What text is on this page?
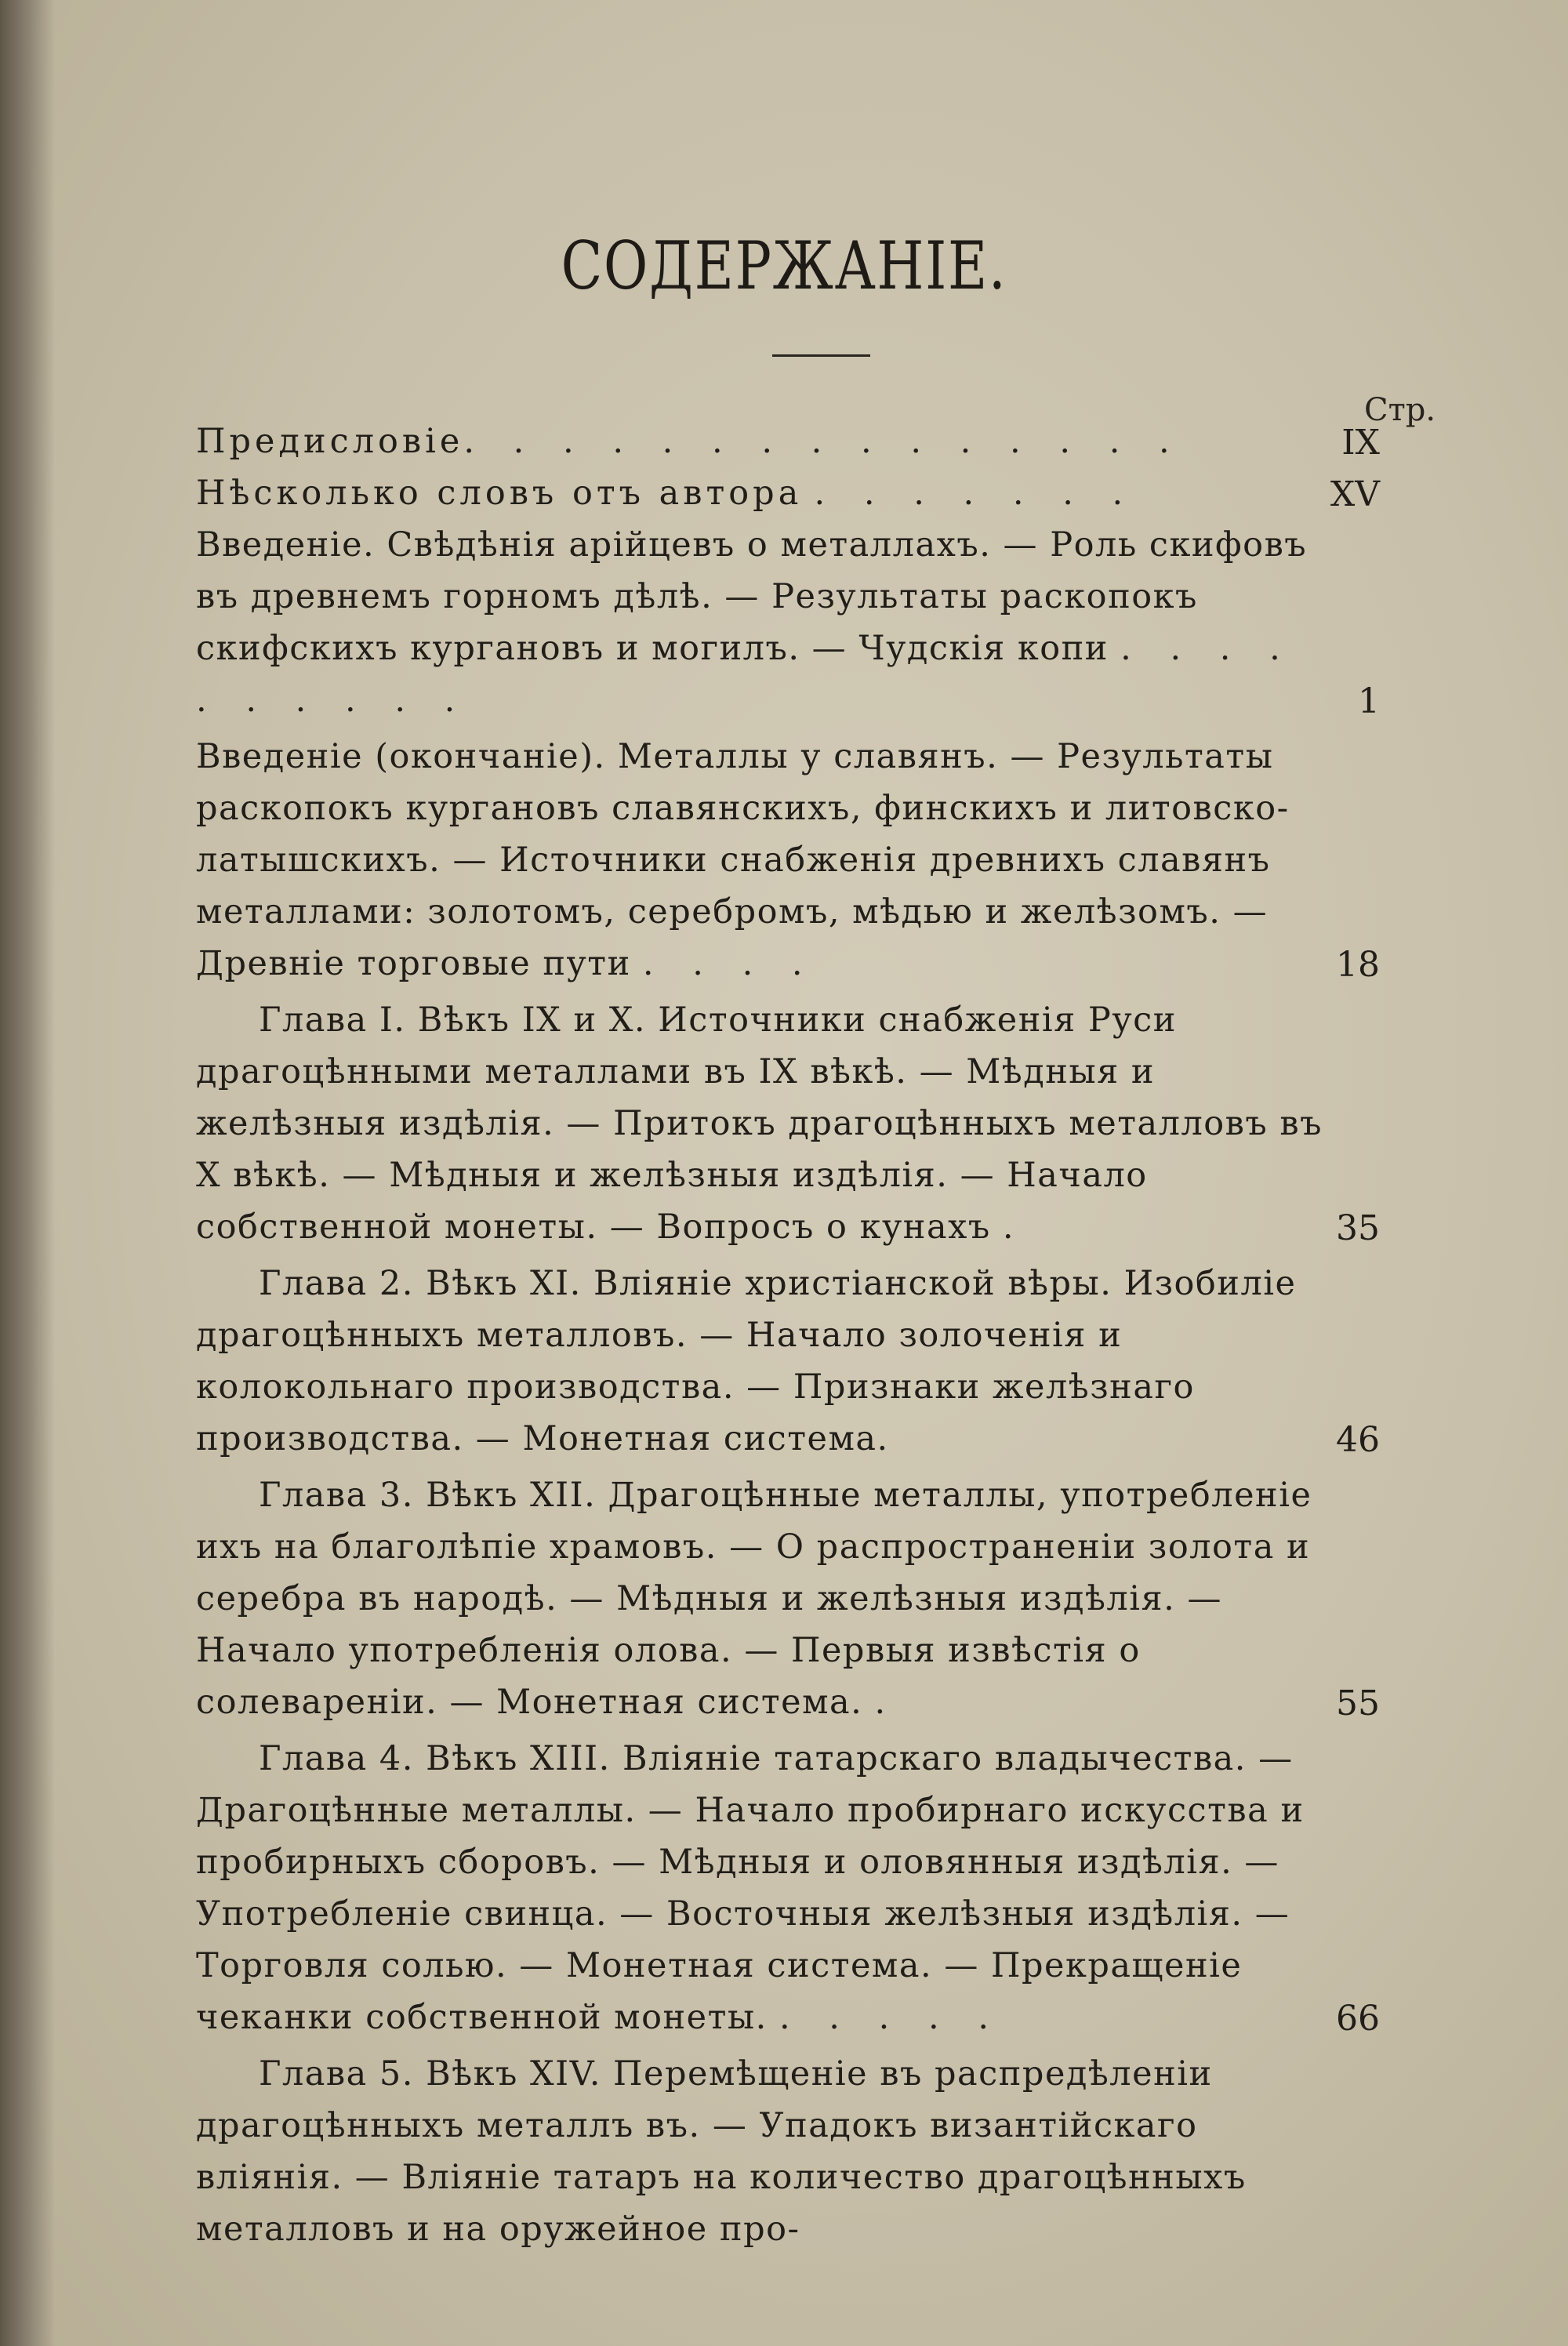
СОДЕРЖАНІЕ.
Стр.
Предисловіе. . . . . . . . . . . . . . .	IX
Нѣсколько словъ отъ автора . . . . . . .	XV
Введеніе. Свѣдѣнія арійцевъ о металлахъ. — Роль скифовъ въ древнемъ горномъ дѣлѣ. — Результаты раскопокъ скифскихъ кургановъ и могилъ. — Чудскія копи . . . . . . . . . .	1
Введеніе (окончаніе). Металлы у славянъ. — Результаты раскопокъ кургановъ славянскихъ, финскихъ и литовско-латышскихъ. — Источники снабженія древнихъ славянъ металлами: золотомъ, серебромъ, мѣдью и желѣзомъ. — Древніе торговые пути . . . .	18
Глава I. Вѣкъ IX и X. Источники снабженія Руси драгоцѣнными металлами въ IX вѣкѣ. — Мѣдныя и желѣзныя издѣлія. — Притокъ драгоцѣнныхъ металловъ въ X вѣкѣ. — Мѣдныя и желѣзныя издѣлія. — Начало собственной монеты. — Вопросъ о кунахъ .	35
Глава 2. Вѣкъ XI. Вліяніе христіанской вѣры. Изобиліе драгоцѣнныхъ металловъ. — Начало золоченія и колокольнаго производства. — Признаки желѣзнаго производства. — Монетная система.	46
Глава 3. Вѣкъ XII. Драгоцѣнные металлы, употребленіе ихъ на благолѣпіе храмовъ. — О распространеніи золота и серебра въ народѣ. — Мѣдныя и желѣзныя издѣлія. — Начало употребленія олова. — Первыя извѣстія о солевареніи. — Монетная система. .	55
Глава 4. Вѣкъ XIII. Вліяніе татарскаго владычества. — Драгоцѣнные металлы. — Начало пробирнаго искусства и пробирныхъ сборовъ. — Мѣдныя и оловянныя издѣлія. — Употребленіе свинца. — Восточныя желѣзныя издѣлія. — Торговля солью. — Монетная система. — Прекращеніе чеканки собственной монеты. . . . . .	66
Глава 5. Вѣкъ XIV. Перемѣщеніе въ распредѣленіи драгоцѣнныхъ металлъ въ. — Упадокъ византійскаго вліянія. — Вліяніе татаръ на количество драгоцѣнныхъ металловъ и на оружейное про-
